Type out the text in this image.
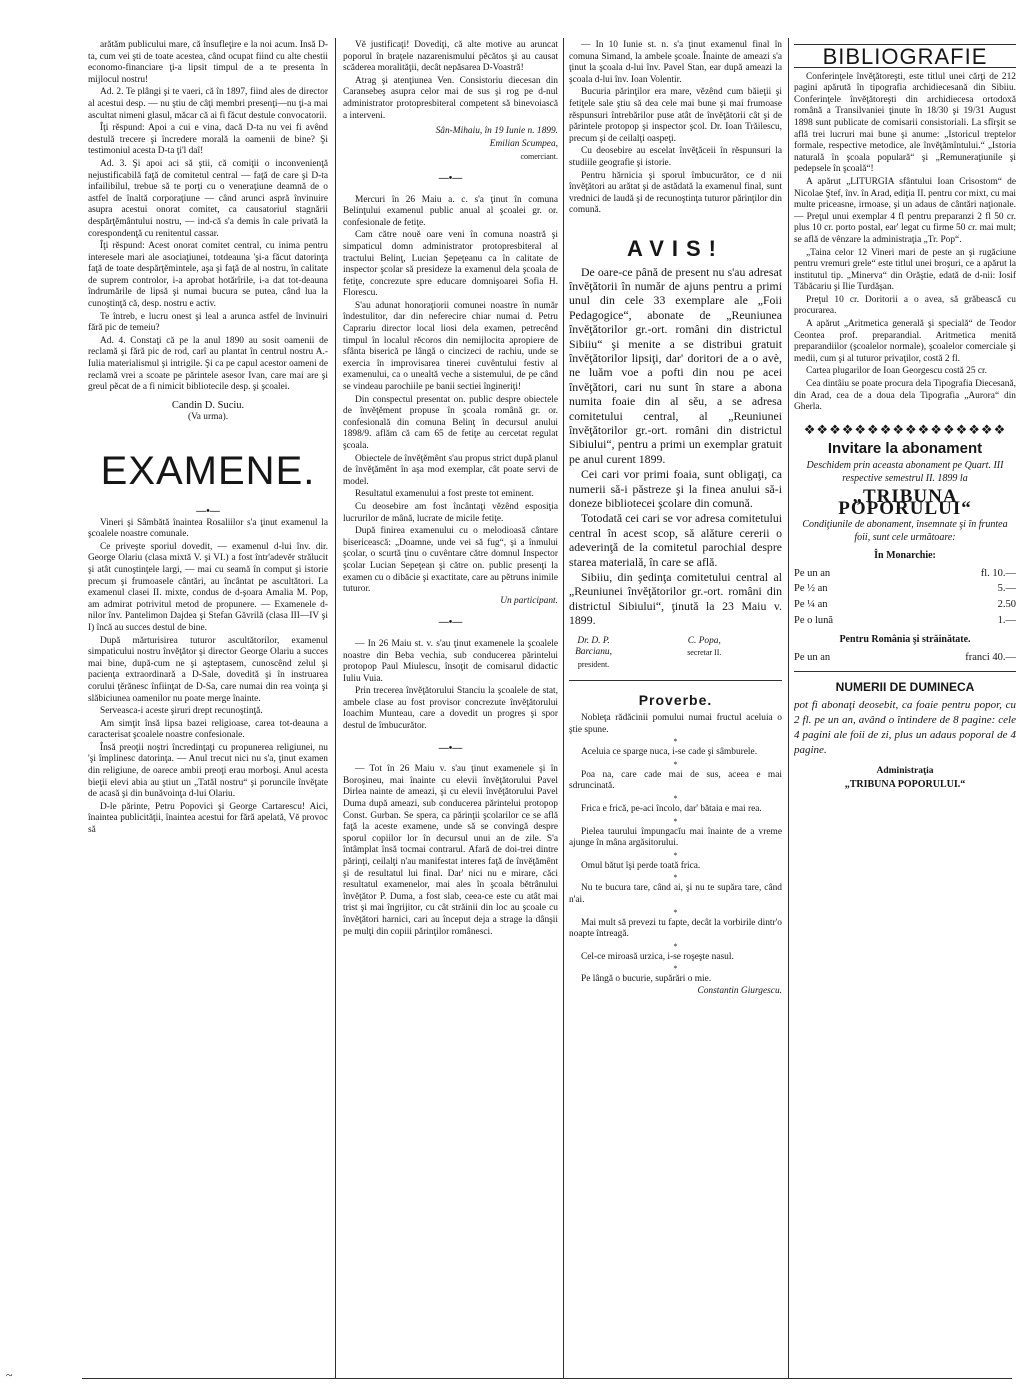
arătăm publicului mare, că însufleţire e la noi acum. Însă D-ta, cum vei şti de toate acestea, când ocupat fiind cu alte chestii economo-financiare ţi-a lipsit timpul de a te presenta în mijlocul nostru!

Ad. 2. Te plângi şi te vaeri, că în 1897, fiind ales de director al acestui desp. — nu ştiu de câţi membri presenţi—nu ţi-a mai ascultat nimeni glasul, măcar că ai fi făcut destule convocatorii.

Îţi rĕspund: Apoi a cui e vina, dacă D-ta nu vei fi avênd destulă trecere şi încredere morală la oamenii de bine? Şi testimoniul acesta D-ta ţi'l daî!

Ad. 3. Şi apoi aci să ştii, că comiţii o inconvenienţă nejustificabilă faţă de comitetul central — faţă de care şi D-ta infailibilul, trebue să te porţi cu o veneraţiune deamnă de o astfel de înaltă corporaţiune — când arunci aspră învinuire asupra acestui onorat comitet, ca causatoriul stagnării despărţĕmântului nostru, — ind-că s'a demis în cale privată la corespondenţă cu renitentul cassar.

Îţi rĕspund: Acest onorat comitet central, cu inima pentru interesele mari ale asociaţiunei, totdeauna 'şi-a făcut datorinţa faţă de toate despărţĕmintele, aşa şi faţă de al nostru, în calitate de suprem controlor, i-a aprobat hotărîrile, i-a dat tot-deauna îndrumările de lipsă şi numai bucura se putea, când lua la cunoştinţă că, desp. nostru e activ.

Te întreb, e lucru onest şi leal a arunca astfel de învinuiri fără pic de temeiu?

Ad. 4. Constaţi că pe la anul 1890 au sosit oamenii de reclamă şi fără pic de rod, carî au plantat în centrul nostru A.-Iulia materialismul şi intrigile. Şi ca pe capul acestor oameni de reclamă vrei a scoate pe părintele asesor Ivan, care mai are şi greul pĕcat de a fi nimicit bibliotecile desp. şi şcoalei.

Candin D. Suciu.

(Va urma).

EXAMENE.

—•—

Vineri şi Sâmbătă înaintea Rosaliilor s'a ţinut examenul la şcoalele noastre comunale.

Ce priveşte sporiul dovedit, — examenul d-lui înv. dir. George Olariu (clasa mixtă V. şi VI.) a fost într'adevĕr strălucit şi atât cunoştinţele largi, — mai cu seamă în comput şi istorie precum şi frumoasele cântări, au încântat pe ascultători. La examenul clasei II. mixte, condus de d-şoara Amalia M. Pop, am admirat potrivitul metod de propunere. — Examenele d-nilor înv. Pantelimon Dajdea şi Stefan Găvrilă (clasa III—IV şi I) încă au succes destul de bine.

După mărturisirea tuturor ascultătorilor, examenul simpaticului nostru învĕţător şi director George Olariu a succes mai bine, după-cum ne şi aşteptasem, cunoscênd zelul şi pacienţa extraordinară a D-Sale, dovedită şi în instruarea corului ţĕrănesc înfiinţat de D-Sa, care numai din rea voinţa şi slăbiciunea oamenilor nu poate merge înainte.

Serveasca-i aceste şiruri drept recunoştinţă.

Am simţit însă lipsa bazei religioase, carea tot-deauna a caracterisat şcoalele noastre confesionale.

Însă preoţii noştri încredinţaţi cu propunerea religiunei, nu 'şi împlinesc datorinţa. — Anul trecut nici nu s'a, ţinut examen din religiune, de oarece ambii preoţi erau morboşi. Anul acesta bieţii elevi abia au ştiut un „Tatăl nostru“ şi poruncile învĕţate de acasă şi din bunăvoinţa d-lui Olariu.

D-le părinte, Petru Popovici şi George Cartarescu! Aici, înaintea publicităţii, înaintea acestui for fără apelată, Vĕ provoc să

Vĕ justificaţi! Dovediţi, că alte motive au aruncat poporul în braţele nazarenismului pĕcătos şi au causat scăderea moralităţii, decât nepăsarea D-Voastră!

Atrag şi atenţiunea Ven. Consistoriu diecesan din Caransebeş asupra celor mai de sus şi rog pe d-nul administrator protopresbiteral competent să binevoiască a interveni.

Sân-Mihaiu, în 19 Iunie n. 1899.

Emilian Scumpea,

comerciant.

—•—

Mercuri în 26 Maiu a. c. s'a ţinut în comuna Belinţului examenul public anual al şcoalei gr. or. confesionale de fetiţe.

Cam către nouĕ oare veni în comuna noastră şi simpaticul domn administrator protopresbiteral al tractului Belinţ, Lucian Şepeţeanu ca în calitate de inspector şcolar să presideze la examenul dela şcoala de fetiţe, concrezute spre educare domnişoarei Sofia H. Florescu.

S'au adunat honoraţiorii comunei noastre în număr îndestulitor, dar din neferecire chiar numai d. Petru Caprariu director local liosi dela examen, petrecênd timpul în localul rĕcoros din nemijlocita apropiere de sfânta biserică pe lângă o cincizeci de rachiu, unde se exercia în improvisarea tinerei cuvêntului festiv al examenului, ca o unealtă veche a sistemului, de pe când se vindeau parochiile pe banii sectiei îngineriţi!

Din conspectul presentat on. public despre obiectele de învĕţĕment propuse în şcoala română gr. or. confesională din comuna Belinţ în decursul anului 1898/9. aflăm că cam 65 de fetiţe au cercetat regulat şcoala.

Obiectele de învĕţĕmênt s'au propus strict după planul de învĕţămênt în aşa mod exemplar, cât poate servi de model.

Resultatul examenului a fost preste tot eminent.

Cu deosebire am fost încântaţi vĕzênd esposiţia lucrurilor de mână, lucrate de micile fetiţe.

După finirea examenului cu o melodioasă cântare bisericească: „Doamne, unde vei să fug“, şi a înmului şcolar, o scurtă ţinu o cuvêntare către domnul Inspector şcolar Lucian Sepeţean şi către on. public presenţi la examen cu o dibăcie şi exactitate, care au pĕtruns inimile tuturor.

Un participant.

—•—

— In 26 Maiu st. v. s'au ţinut examenele la şcoalele noastre din Beba vechia, sub conducerea părintelui protopop Paul Miulescu, însoţit de comisarul didactic Iuliu Vuia.

Prin trecerea învĕţătorului Stanciu la şcoalele de stat, ambele clase au fost provisor concrezute învĕţătorului Ioachim Munteau, care a dovedit un progres şi spor destul de îmbucurător.

—•—

— Tot în 26 Maiu v. s'au ţinut examenele şi în Boroşineu, mai înainte cu elevii învĕţătorului Pavel Dirlea nainte de ameazi, şi cu elevii învĕţătorului Pavel Duma după ameazi, sub conducerea părintelui protopop Const. Gurban. Se spera, ca părinţii şcolarilor ce se află faţă la aceste examene, unde să se convingă despre sporul copiilor lor în decursul unui an de zile. S'a întâmplat însă tocmai contrarul. Afară de doi-trei dintre părinţi, ceilalţi n'au manifestat interes faţă de învĕţămênt şi de resultatul lui final. Dar' nici nu e mirare, căci resultatul examenelor, mai ales în şcoala bĕtrânului învĕţător P. Duma, a fost slab, ceea-ce este cu atât mai trist şi mai îngrijitor, cu cât străinii din loc au şcoale cu învĕţători harnici, cari au început deja a strage la dânşii pe mulţi din copiii părinţilor românesci.

— In 10 Iunie st. n. s'a ţinut examenul final în comuna Simand, la ambele şcoale. Înainte de ameazi s'a ţinut la şcoala d-lui înv. Pavel Stan, ear după ameazi la şcoala d-lui înv. Ioan Volentir.

Bucuria părinţilor era mare, vĕzênd cum băieţii şi fetiţele sale ştiu să dea cele mai bune şi mai frumoase rĕspunsuri întrebărilor puse atât de învĕţătorii cât şi de părintele protopop şi inspector şcol. Dr. Ioan Trăilescu, precum şi de ceilalţi oaspeţi.

Cu deosebire au escelat învĕţăceii în rĕspunsuri la studiile geografie şi istorie.

Pentru hărnicia şi sporul îmbucurător, ce d nii învĕţători au arătat şi de astădată la examenul final, sunt vrednici de laudă şi de recunoştinţa tuturor părinţilor din comună.

AVIS!

De oare-ce până de present nu s'au adresat învĕţătorii în număr de ajuns pentru a primi unul din cele 33 exemplare ale „Foii Pedagogice“, abonate de „Reuniunea învĕţătorilor gr.-ort. români din districtul Sibiiu“ şi menite a se distribui gratuit învĕţătorilor lipsiţi, dar' doritori de a o avè, ne luăm voe a pofti din nou pe acei învĕţători, cari nu sunt în stare a abona numita foaie din al sĕu, a se adresa comitetului central, al „Reuniunei învĕţătorilor gr.-ort. români din districtul Sibiului“, pentru a primi un exemplar gratuit pe anul curent 1899.

Cei cari vor primi foaia, sunt obligaţi, ca numerii să-i păstreze şi la finea anului să-i doneze bibliotecei şcolare din comună.

Totodată cei cari se vor adresa comitetului central în acest scop, să alăture cererii o adeverinţă de la comitetul parochial despre starea materială, în care se află.

Sibiiu, din şedinţa comitetului central al „Reuniunei învĕţătorilor gr.-ort. români din districtul Sibiului“, ţinută la 23 Maiu v. 1899.

Dr. D. P. Barcianu,
president.
C. Popa,
secretar II.
Proverbe.

Nobleţa rădăcinii pomului numai fructul aceluia o ştie spune.

*

Aceluia ce sparge nuca, i-se cade şi sâmburele.

*

Poa na, care cade mai de sus, aceea e mai sdruncinată.

*

Frica e frică, pe-aci încolo, dar' bătaia e mai rea.

*

Pielea taurului împungacĭu mai înainte de a vreme ajunge în mâna argăsitorului.

*

Omul bătut îşi perde toată frica.

*

Nu te bucura tare, când ai, şi nu te supăra tare, când n'ai.

*

Mai mult să prevezi tu fapte, decât la vorbirile dintr'o noapte întreagă.

*

Cel-ce miroasă urzica, i-se roşeşte nasul.

*

Pe lângă o bucurie, supărări o mie.

Constantin Giurgescu.

BIBLIOGRAFIE

Conferinţele învĕţătoreşti, este titlul unei cărţi de 212 pagini apărută în tipografia archidiecesană din Sibiiu. Conferinţele învĕţătoreşti din archidiecesa ortodoxă română a Transilvaniei ţinute în 18/30 şi 19/31 August 1898 sunt publicate de comisarii consistoriali. La sfîrşit se află trei lucruri mai bune şi anume: „Istoricul treptelor formale, respective metodice, ale învĕţămîntului.“ „Istoria naturală în şcoala populară“ şi „Remuneraţiunile şi pedepsele în şcoală“!

A apărut „LITURGIA sfântului Ioan Crisostom“ de Nicolae Ştef, înv. în Arad, ediţia II. pentru cor mixt, cu mai multe priceasne, irmoase, şi un adaus de cântări naţionale. — Preţul unui exemplar 4 fl pentru preparanzi 2 fl 50 cr. plus 10 cr. porto postal, ear' legat cu firme 50 cr. mai mult; se află de vênzare la administraţia „Tr. Pop“.

„Taina celor 12 Vineri mari de peste an şi rugăciune pentru vremuri grele“ este titlul unei broşuri, ce a apărut la institutul tip. „Minerva“ din Orăştie, edată de d-nii: Iosif Tăbăcariu şi Ilie Turdăşan.

Preţul 10 cr. Doritorii a o avea, să grăbească cu procurarea.

A apărut „Aritmetica generală şi specială“ de Teodor Ceontea prof. preparandial. Aritmetica menită preparandiilor (şcoalelor normale), şcoalelor comerciale şi medii, cum şi al tuturor privaţilor, costă 2 fl.

Cartea plugarilor de Ioan Georgescu costă 25 cr.

Cea dintâiu se poate procura dela Tipografia Diecesană, din Arad, cea de a doua dela Tipografia „Aurora“ din Gherla.

❖❖❖❖❖❖❖❖❖❖❖❖❖❖❖❖
Invitare la abonament

Deschidem prin aceasta abonament pe Quart. III respective semestrul II. 1899 la

„TRIBUNA POPORULUI“

Condiţiunile de abonament, însemnate şi în fruntea foii, sunt cele următoare:

În Monarchie:

Pe un an	fl. 10.—
Pe ½ an	5.—
Pe ¼ an	2.50
Pe o lună	1.—

Pentru România şi străinătate.

Pe un an	franci 40.—
NUMERII DE DUMINECA

pot fi abonaţi deosebit, ca foaie pentru popor, cu 2 fl. pe un an, având o întindere de 8 pagine: cele 4 pagini ale foii de zi, plus un adaus poporal de 4 pagine.

Administraţia

„TRIBUNA POPORULUI.“

~
